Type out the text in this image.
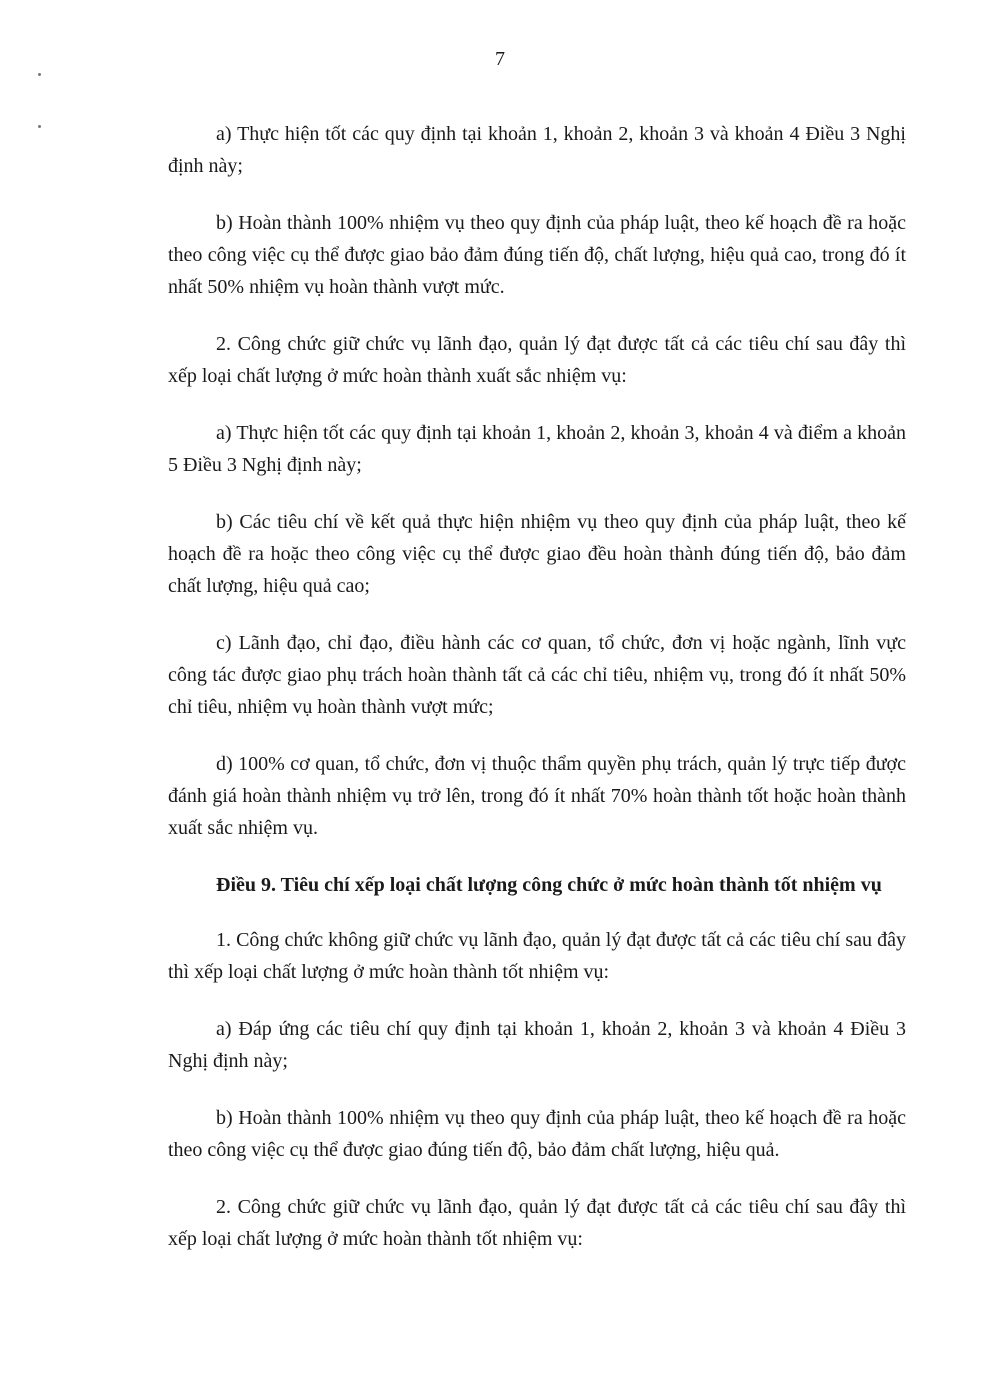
7

a) Thực hiện tốt các quy định tại khoản 1, khoản 2, khoản 3 và khoản 4 Điều 3 Nghị định này;

b) Hoàn thành 100% nhiệm vụ theo quy định của pháp luật, theo kế hoạch đề ra hoặc theo công việc cụ thể được giao bảo đảm đúng tiến độ, chất lượng, hiệu quả cao, trong đó ít nhất 50% nhiệm vụ hoàn thành vượt mức.

2. Công chức giữ chức vụ lãnh đạo, quản lý đạt được tất cả các tiêu chí sau đây thì xếp loại chất lượng ở mức hoàn thành xuất sắc nhiệm vụ:

a) Thực hiện tốt các quy định tại khoản 1, khoản 2, khoản 3, khoản 4 và điểm a khoản 5 Điều 3 Nghị định này;

b) Các tiêu chí về kết quả thực hiện nhiệm vụ theo quy định của pháp luật, theo kế hoạch đề ra hoặc theo công việc cụ thể được giao đều hoàn thành đúng tiến độ, bảo đảm chất lượng, hiệu quả cao;

c) Lãnh đạo, chỉ đạo, điều hành các cơ quan, tổ chức, đơn vị hoặc ngành, lĩnh vực công tác được giao phụ trách hoàn thành tất cả các chỉ tiêu, nhiệm vụ, trong đó ít nhất 50% chỉ tiêu, nhiệm vụ hoàn thành vượt mức;

d) 100% cơ quan, tổ chức, đơn vị thuộc thẩm quyền phụ trách, quản lý trực tiếp được đánh giá hoàn thành nhiệm vụ trở lên, trong đó ít nhất 70% hoàn thành tốt hoặc hoàn thành xuất sắc nhiệm vụ.

Điều 9. Tiêu chí xếp loại chất lượng công chức ở mức hoàn thành tốt nhiệm vụ

1. Công chức không giữ chức vụ lãnh đạo, quản lý đạt được tất cả các tiêu chí sau đây thì xếp loại chất lượng ở mức hoàn thành tốt nhiệm vụ:

a) Đáp ứng các tiêu chí quy định tại khoản 1, khoản 2, khoản 3 và khoản 4 Điều 3 Nghị định này;

b) Hoàn thành 100% nhiệm vụ theo quy định của pháp luật, theo kế hoạch đề ra hoặc theo công việc cụ thể được giao đúng tiến độ, bảo đảm chất lượng, hiệu quả.

2. Công chức giữ chức vụ lãnh đạo, quản lý đạt được tất cả các tiêu chí sau đây thì xếp loại chất lượng ở mức hoàn thành tốt nhiệm vụ:
